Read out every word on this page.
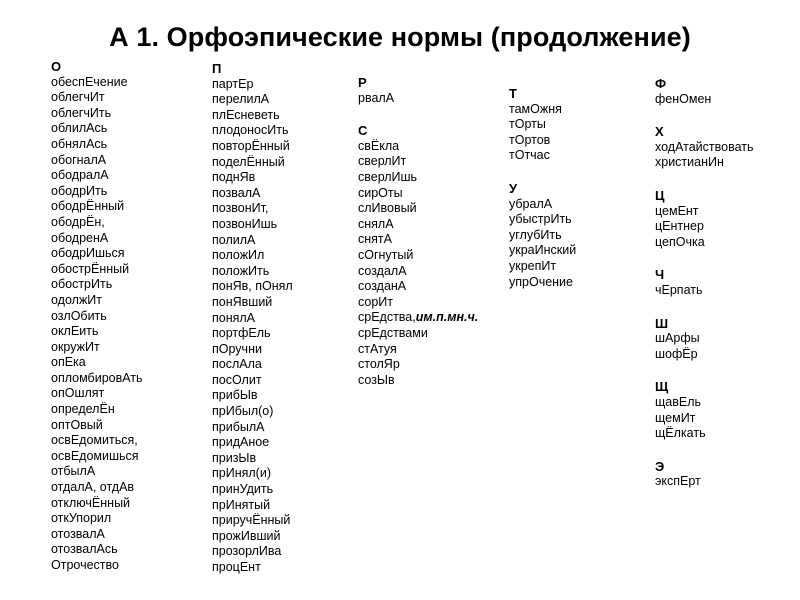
А 1. Орфоэпические нормы (продолжение)
О
обеспЕчение
облегчИт
облегчИть
облилАсь
обнялАсь
обогналА
ободралА
ободрИть
ободрЁнный
ободрЁн,
ободренА
ободрИшься
обострЁнный
обострИть
одолжИт
озлОбить
оклЕить
окружИт
опЕка
опломбировАть
опОшлят
определЁн
оптОвый
освЕдомиться,
освЕдомишься
отбылА
отдалА, отдАв
отключЁнный
откУпорил
отозвалА
отозвалАсь
Отрочество
П
партЕр
перелилА
плЕсневеть
плодоносИть
повторЁнный
поделЁнный
поднЯв
позвалА
позвонИт,
позвонИшь
полилА
положИл
положИть
понЯв, пОнял
понЯвший
понялА
портфЕль
пОручни
послАла
посОлит
прибЫв
прИбыл(о)
прибылА
придАное
призЫв
прИнял(и)
принУдить
прИнятый
приручЁнный
прожИвший
прозорлИва
процЕнт
Р
рвалА
С
свЁкла
сверлИт
сверлИшь
сирОты
слИвовый
снялА
снятА
сОгнутый
создалА
созданА
сорИт
срЕдства,им.п.мн.ч.
срЕдствами
стАтуя
столЯр
созЫв
Т
тамОжня
тОрты
тОртов
тОтчас
У
убралА
убыстрИть
углубИть
украИнский
укрепИт
упрОчение
Ф
фенОмен
Х
ходАтайствовать
христианИн
Ц
цемЕнт
цЕнтнер
цепОчка
Ч
чЕрпать
Ш
шАрфы
шофЁр
Щ
щавЕль
щемИт
щЁлкать
Э
экспЕрт
